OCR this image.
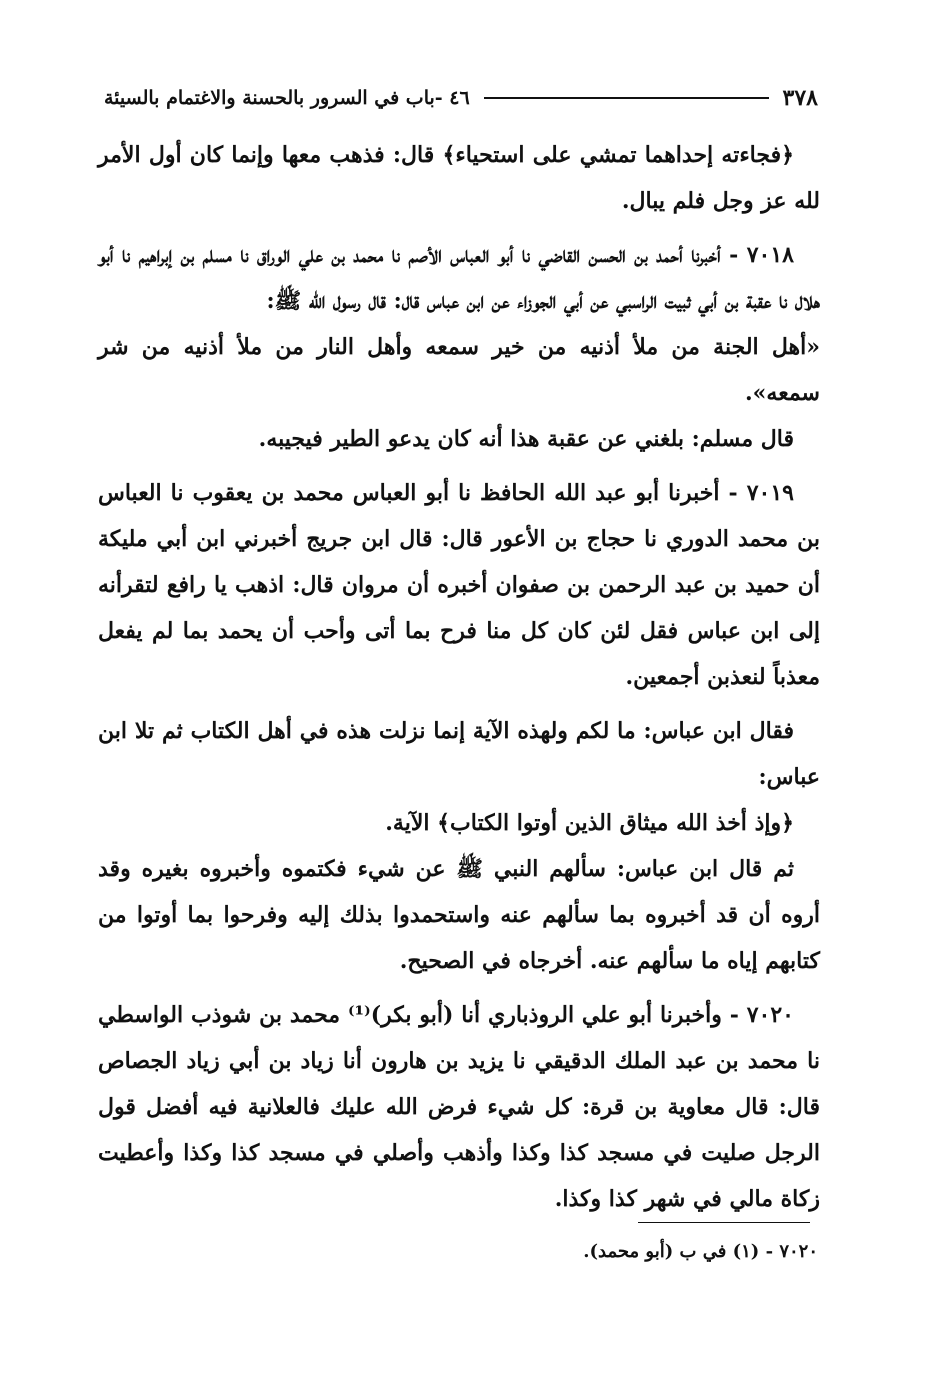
٣٧٨
٤٦ -باب في السرور بالحسنة والاغتمام بالسيئة

﴿فجاءته إحداهما تمشي على استحياء﴾ قال: فذهب معها وإنما كان أول الأمر لله عز وجل فلم يبال.

٧٠١٨ - أخبرنا أحمد بن الحسن القاضي نا أبو العباس الأصم نا محمد بن علي الوراق نا مسلم بن إبراهيم نا أبو هلال نا عقبة بن أبي ثبيت الراسبي عن أبي الجوزاء عن ابن عباس قال: قال رسول الله ﷺ:

«أهل الجنة من ملأ أذنيه من خير سمعه وأهل النار من ملأ أذنيه من شر سمعه».

قال مسلم: بلغني عن عقبة هذا أنه كان يدعو الطير فيجيبه.

٧٠١٩ - أخبرنا أبو عبد الله الحافظ نا أبو العباس محمد بن يعقوب نا العباس بن محمد الدوري نا حجاج بن الأعور قال: قال ابن جريج أخبرني ابن أبي مليكة أن حميد بن عبد الرحمن بن صفوان أخبره أن مروان قال: اذهب يا رافع لتقرأنه إلى ابن عباس فقل لئن كان كل منا فرح بما أتى وأحب أن يحمد بما لم يفعل معذباً لنعذبن أجمعين.

فقال ابن عباس: ما لكم ولهذه الآية إنما نزلت هذه في أهل الكتاب ثم تلا ابن عباس:

﴿وإذ أخذ الله ميثاق الذين أوتوا الكتاب﴾ الآية.

ثم قال ابن عباس: سألهم النبي ﷺ عن شيء فكتموه وأخبروه بغيره وقد أروه أن قد أخبروه بما سألهم عنه واستحمدوا بذلك إليه وفرحوا بما أوتوا من كتابهم إياه ما سألهم عنه. أخرجاه في الصحيح.

٧٠٢٠ - وأخبرنا أبو علي الروذباري أنا (أبو بكر)⁽¹⁾ محمد بن شوذب الواسطي نا محمد بن عبد الملك الدقيقي نا يزيد بن هارون أنا زياد بن أبي زياد الجصاص قال: قال معاوية بن قرة: كل شيء فرض الله عليك فالعلانية فيه أفضل قول الرجل صليت في مسجد كذا وكذا وأذهب وأصلي في مسجد كذا وكذا وأعطيت زكاة مالي في شهر كذا وكذا.

٧٠٢٠ - (١) في ب (أبو محمد).
